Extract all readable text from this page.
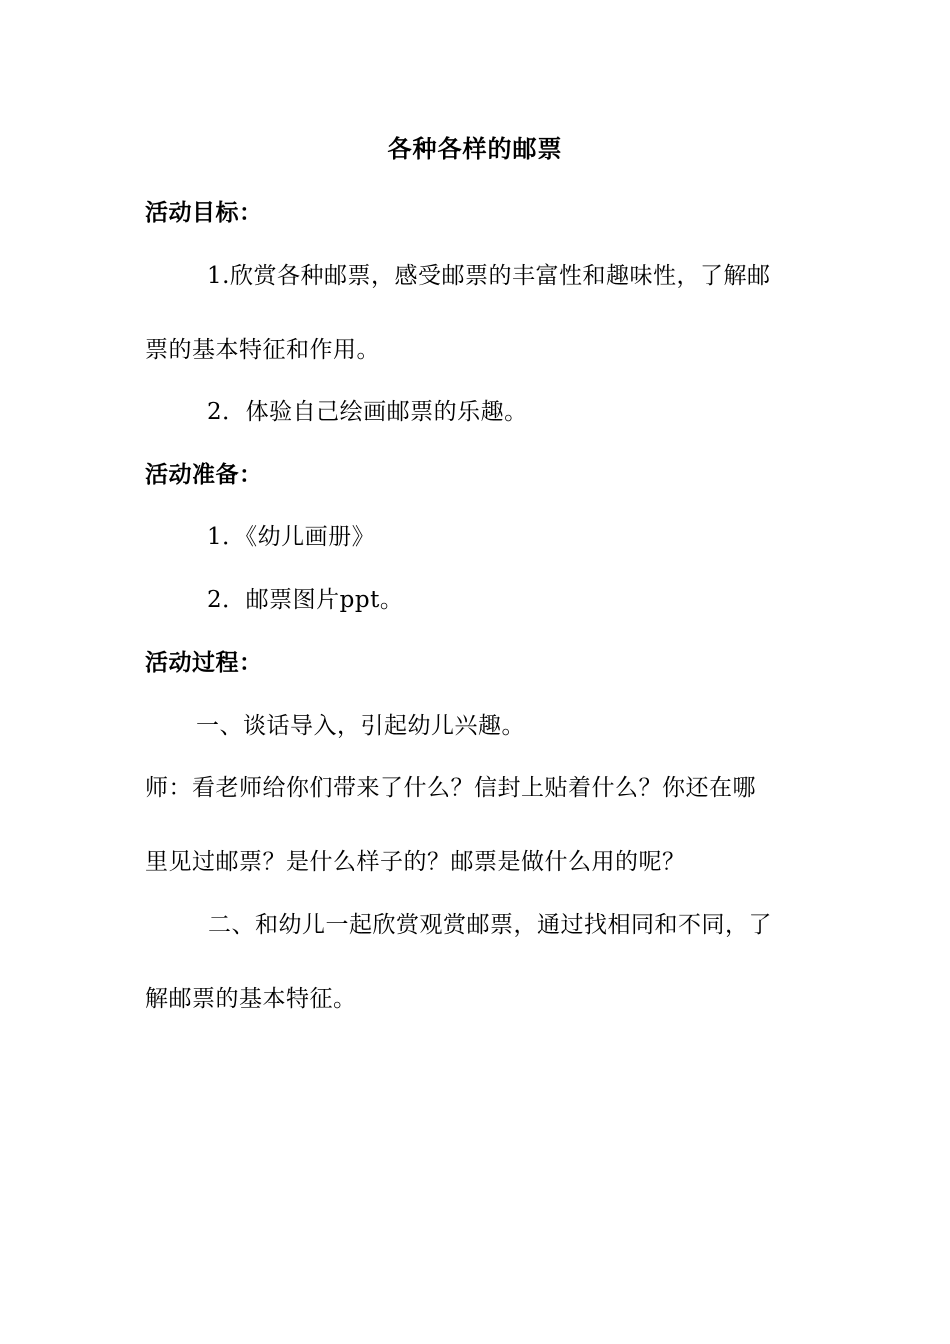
各种各样的邮票
活动目标：
1.欣赏各种邮票，感受邮票的丰富性和趣味性，了解邮
票的基本特征和作用。
2．体验自己绘画邮票的乐趣。
活动准备：
1．《幼儿画册》
2．邮票图片ppt。
活动过程：
一、谈话导入，引起幼儿兴趣。
师：看老师给你们带来了什么？信封上贴着什么？你还在哪
里见过邮票？是什么样子的？邮票是做什么用的呢？
二、和幼儿一起欣赏观赏邮票，通过找相同和不同，了
解邮票的基本特征。
